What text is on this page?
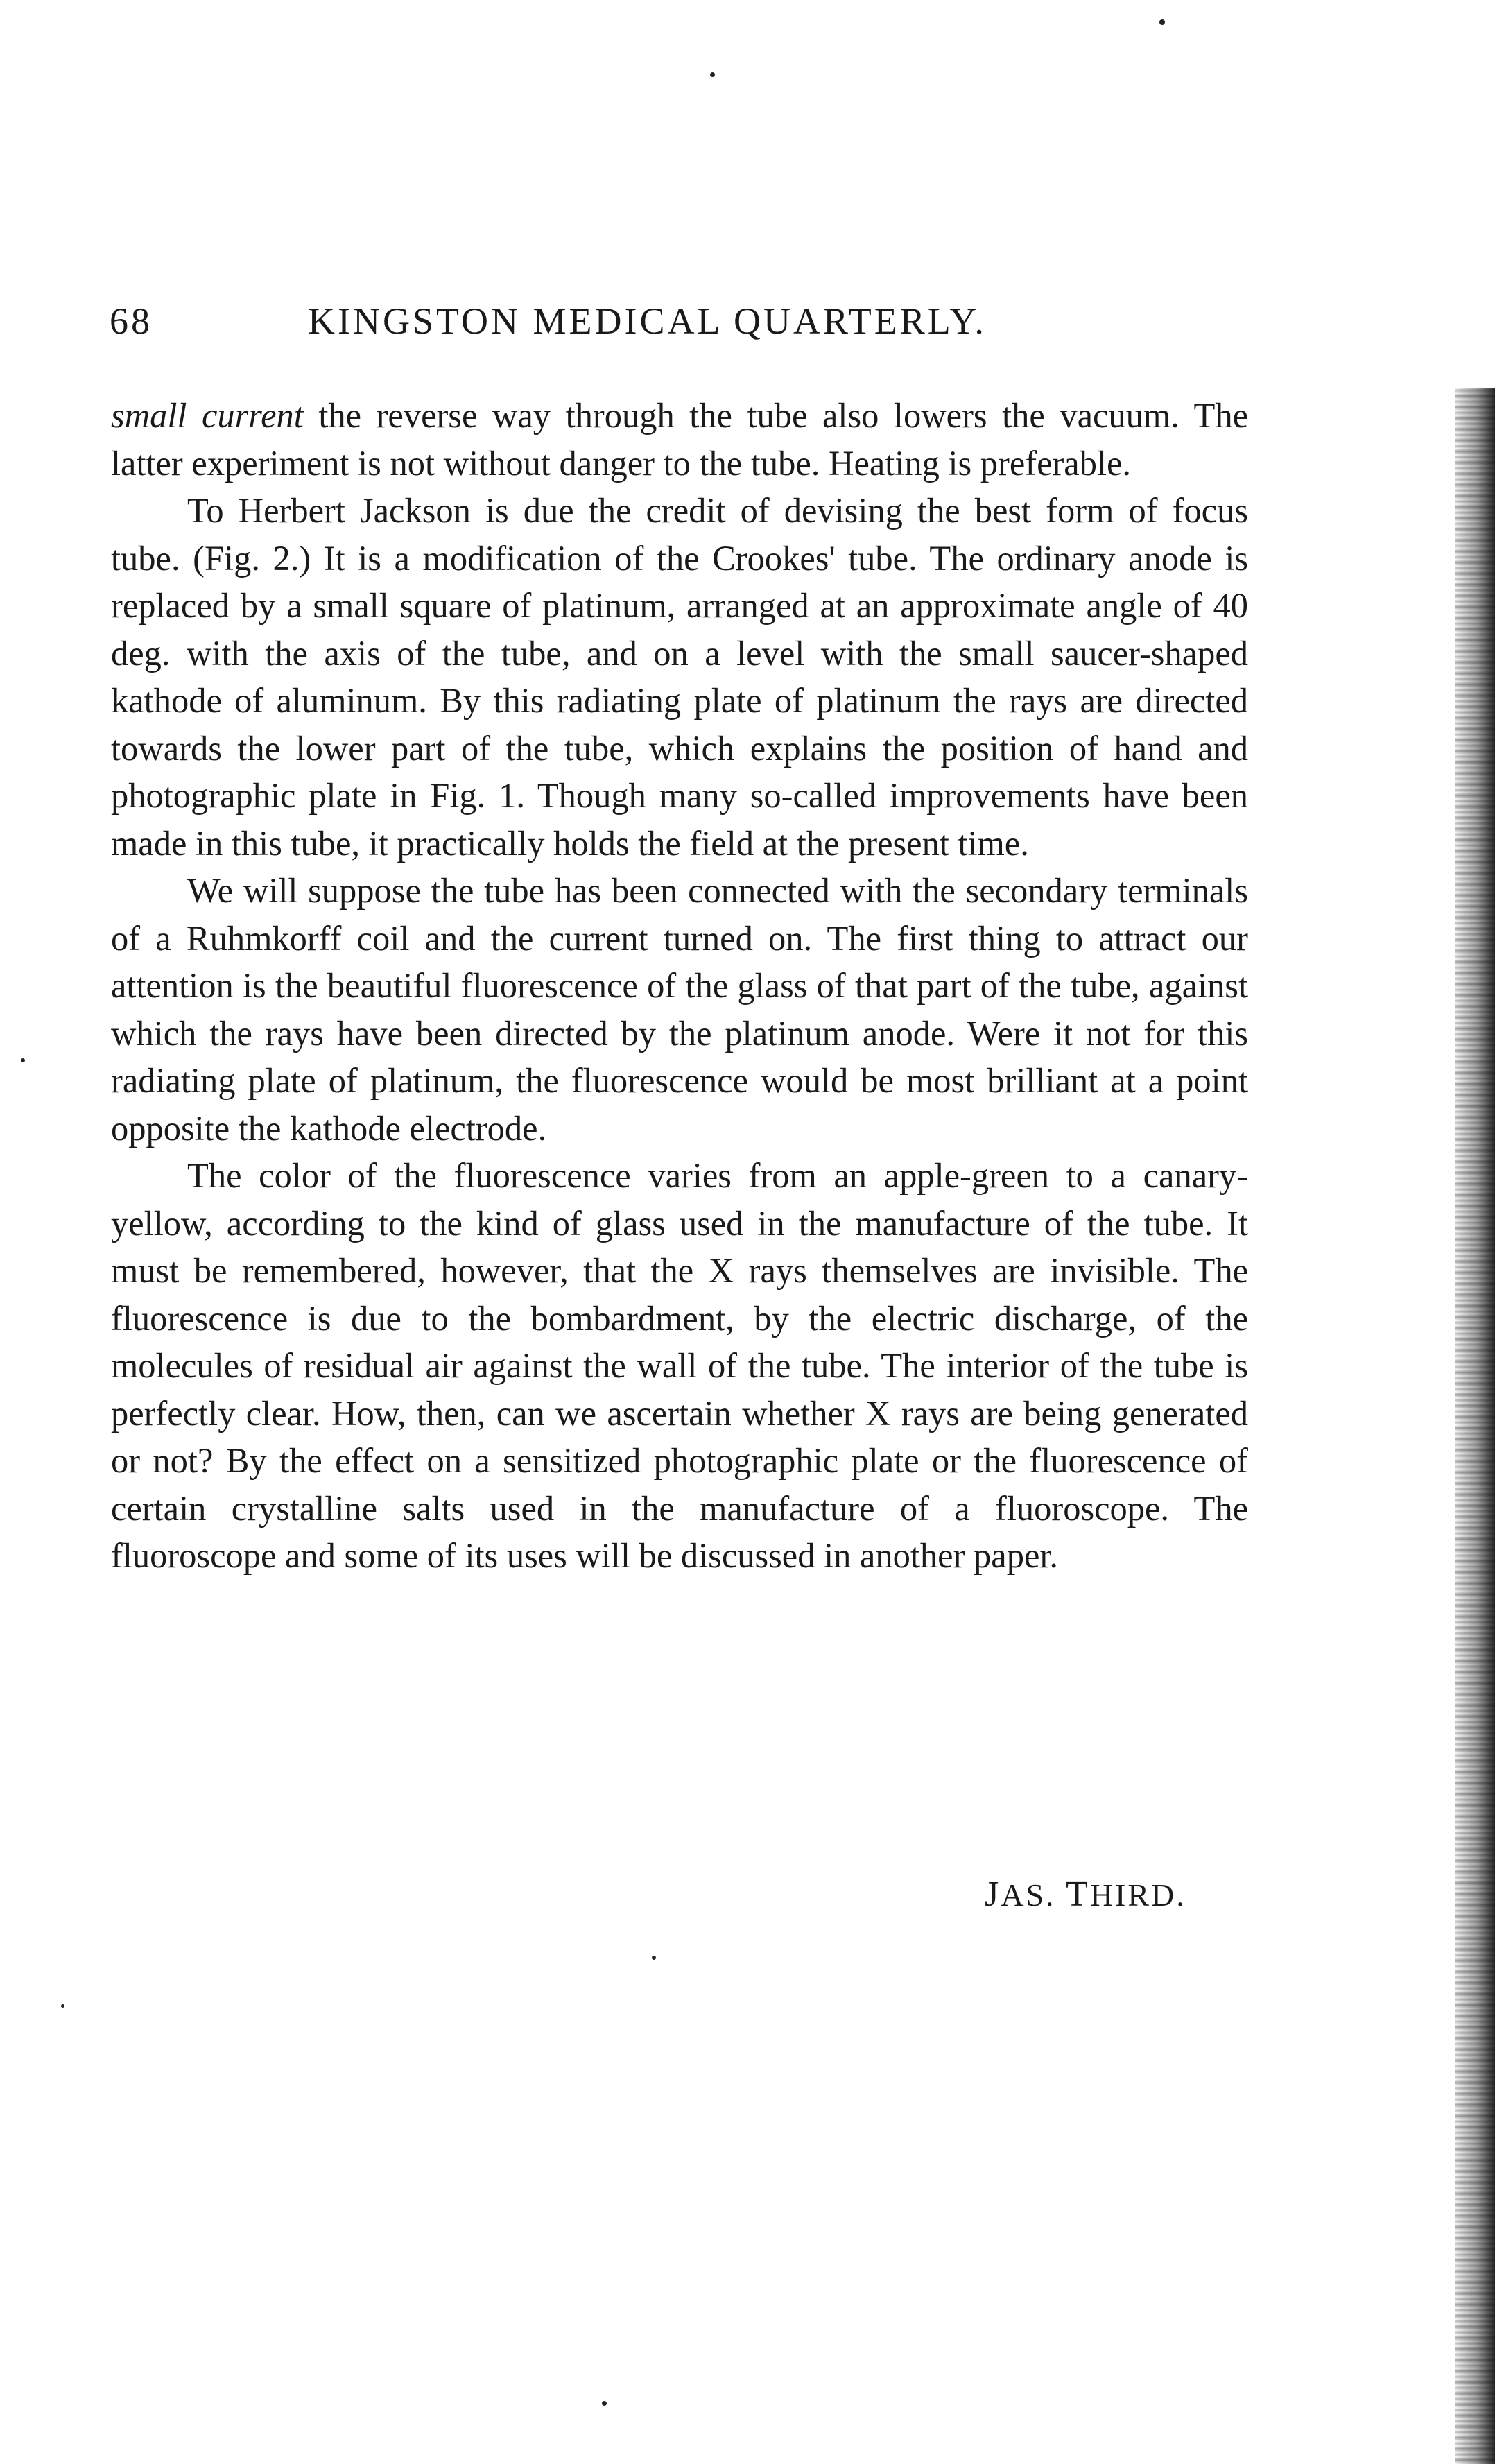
68	KINGSTON MEDICAL QUARTERLY.

small current the reverse way through the tube also lowers the vacuum. The latter experiment is not without danger to the tube. Heating is preferable.

To Herbert Jackson is due the credit of devising the best form of focus tube. (Fig. 2.) It is a modification of the Crookes' tube. The ordinary anode is replaced by a small square of platinum, arranged at an approximate angle of 40 deg. with the axis of the tube, and on a level with the small saucer-shaped kathode of aluminum. By this radiating plate of platinum the rays are directed towards the lower part of the tube, which explains the position of hand and photographic plate in Fig. 1. Though many so-called improvements have been made in this tube, it practically holds the field at the present time.

We will suppose the tube has been connected with the secondary terminals of a Ruhmkorff coil and the current turned on. The first thing to attract our attention is the beautiful fluorescence of the glass of that part of the tube, against which the rays have been directed by the platinum anode. Were it not for this radiating plate of platinum, the fluorescence would be most brilliant at a point opposite the kathode electrode.

The color of the fluorescence varies from an apple-green to a canary-yellow, according to the kind of glass used in the manufacture of the tube. It must be remembered, however, that the X rays themselves are invisible. The fluorescence is due to the bombardment, by the electric discharge, of the molecules of residual air against the wall of the tube. The interior of the tube is perfectly clear. How, then, can we ascertain whether X rays are being generated or not? By the effect on a sensitized photographic plate or the fluorescence of certain crystalline salts used in the manufacture of a fluoroscope. The fluoroscope and some of its uses will be discussed in another paper.

JAS. THIRD.
